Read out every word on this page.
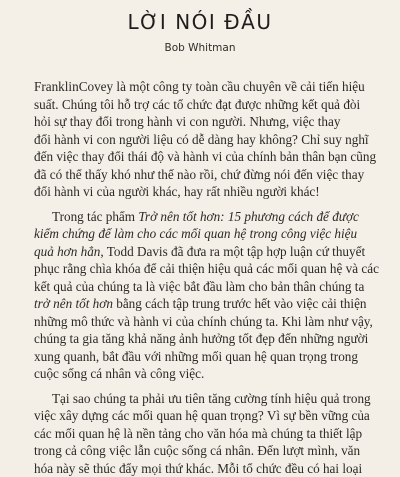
LỜI NÓI ĐẦU
Bob Whitman
FranklinCovey là một công ty toàn cầu chuyên về cải tiến hiệu
suất. Chúng tôi hỗ trợ các tổ chức đạt được những kết quả đòi
hỏi sự thay đổi trong hành vi con người. Nhưng, việc thay
đổi hành vi con người liệu có dễ dàng hay không? Chỉ suy nghĩ
đến việc thay đổi thái độ và hành vi của chính bản thân bạn cũng
đã có thể thấy khó như thế nào rồi, chứ đừng nói đến việc thay
đổi hành vi của người khác, hay rất nhiều người khác!
Trong tác phẩm Trở nên tốt hơn: 15 phương cách để được
kiểm chứng để làm cho các mối quan hệ trong công việc hiệu
quả hơn hẳn, Todd Davis đã đưa ra một tập hợp luận cứ thuyết
phục rằng chìa khóa để cải thiện hiệu quả các mối quan hệ và các
kết quả của chúng ta là việc bắt đầu làm cho bản thân chúng ta
trở nên tốt hơn bằng cách tập trung trước hết vào việc cải thiện
những mô thức và hành vi của chính chúng ta. Khi làm như vậy,
chúng ta gia tăng khả năng ảnh hưởng tốt đẹp đến những người
xung quanh, bắt đầu với những mối quan hệ quan trọng trong
cuộc sống cá nhân và công việc.
Tại sao chúng ta phải ưu tiên tăng cường tính hiệu quả trong
việc xây dựng các mối quan hệ quan trọng? Vì sự bền vững của
các mối quan hệ là nền tảng cho văn hóa mà chúng ta thiết lập
trong cả công việc lẫn cuộc sống cá nhân. Đến lượt mình, văn
hóa này sẽ thúc đẩy mọi thứ khác. Mỗi tổ chức đều có hai loại
